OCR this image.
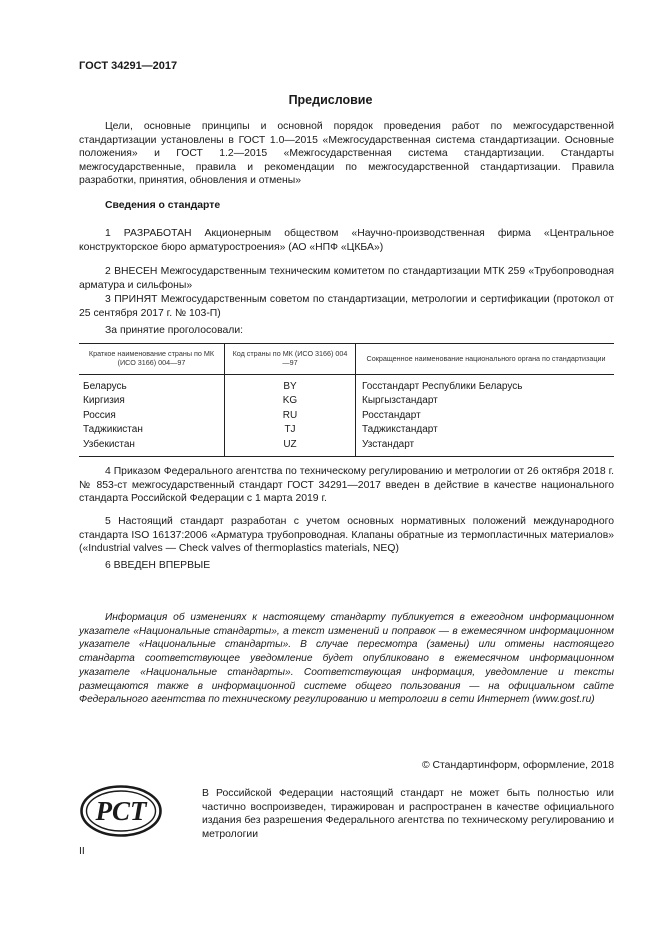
ГОСТ 34291—2017
Предисловие
Цели, основные принципы и основной порядок проведения работ по межгосударственной стандартизации установлены в ГОСТ 1.0—2015 «Межгосударственная система стандартизации. Основные положения» и ГОСТ 1.2—2015 «Межгосударственная система стандартизации. Стандарты межгосударственные, правила и рекомендации по межгосударственной стандартизации. Правила разработки, принятия, обновления и отмены»
Сведения о стандарте
1 РАЗРАБОТАН Акционерным обществом «Научно-производственная фирма «Центральное конструкторское бюро арматуростроения» (АО «НПФ «ЦКБА»)
2 ВНЕСЕН Межгосударственным техническим комитетом по стандартизации МТК 259 «Трубопроводная арматура и сильфоны»
3 ПРИНЯТ Межгосударственным советом по стандартизации, метрологии и сертификации (протокол от 25 сентября 2017 г. № 103-П)
За принятие проголосовали:
Краткое наименование страны по МК (ИСО 3166) 004—97	Код страны по МК (ИСО 3166) 004—97	Сокращенное наименование национального органа по стандартизации
Беларусь	BY	Госстандарт Республики Беларусь
Киргизия	KG	Кыргызстандарт
Россия	RU	Росстандарт
Таджикистан	TJ	Таджикстандарт
Узбекистан	UZ	Узстандарт
4 Приказом Федерального агентства по техническому регулированию и метрологии от 26 октября 2018 г. № 853-ст межгосударственный стандарт ГОСТ 34291—2017 введен в действие в качестве национального стандарта Российской Федерации с 1 марта 2019 г.
5 Настоящий стандарт разработан с учетом основных нормативных положений международного стандарта ISO 16137:2006 «Арматура трубопроводная. Клапаны обратные из термопластичных материалов» («Industrial valves — Check valves of thermoplastics materials, NEQ)
6 ВВЕДЕН ВПЕРВЫЕ
Информация об изменениях к настоящему стандарту публикуется в ежегодном информационном указателе «Национальные стандарты», а текст изменений и поправок — в ежемесячном информационном указателе «Национальные стандарты». В случае пересмотра (замены) или отмены настоящего стандарта соответствующее уведомление будет опубликовано в ежемесячном информационном указателе «Национальные стандарты». Соответствующая информация, уведомление и тексты размещаются также в информационной системе общего пользования — на официальном сайте Федерального агентства по техническому регулированию и метрологии в сети Интернет (www.gost.ru)
© Стандартинформ, оформление, 2018
РСТ
В Российской Федерации настоящий стандарт не может быть полностью или частично воспроизведен, тиражирован и распространен в качестве официального издания без разрешения Федерального агентства по техническому регулированию и метрологии
II
